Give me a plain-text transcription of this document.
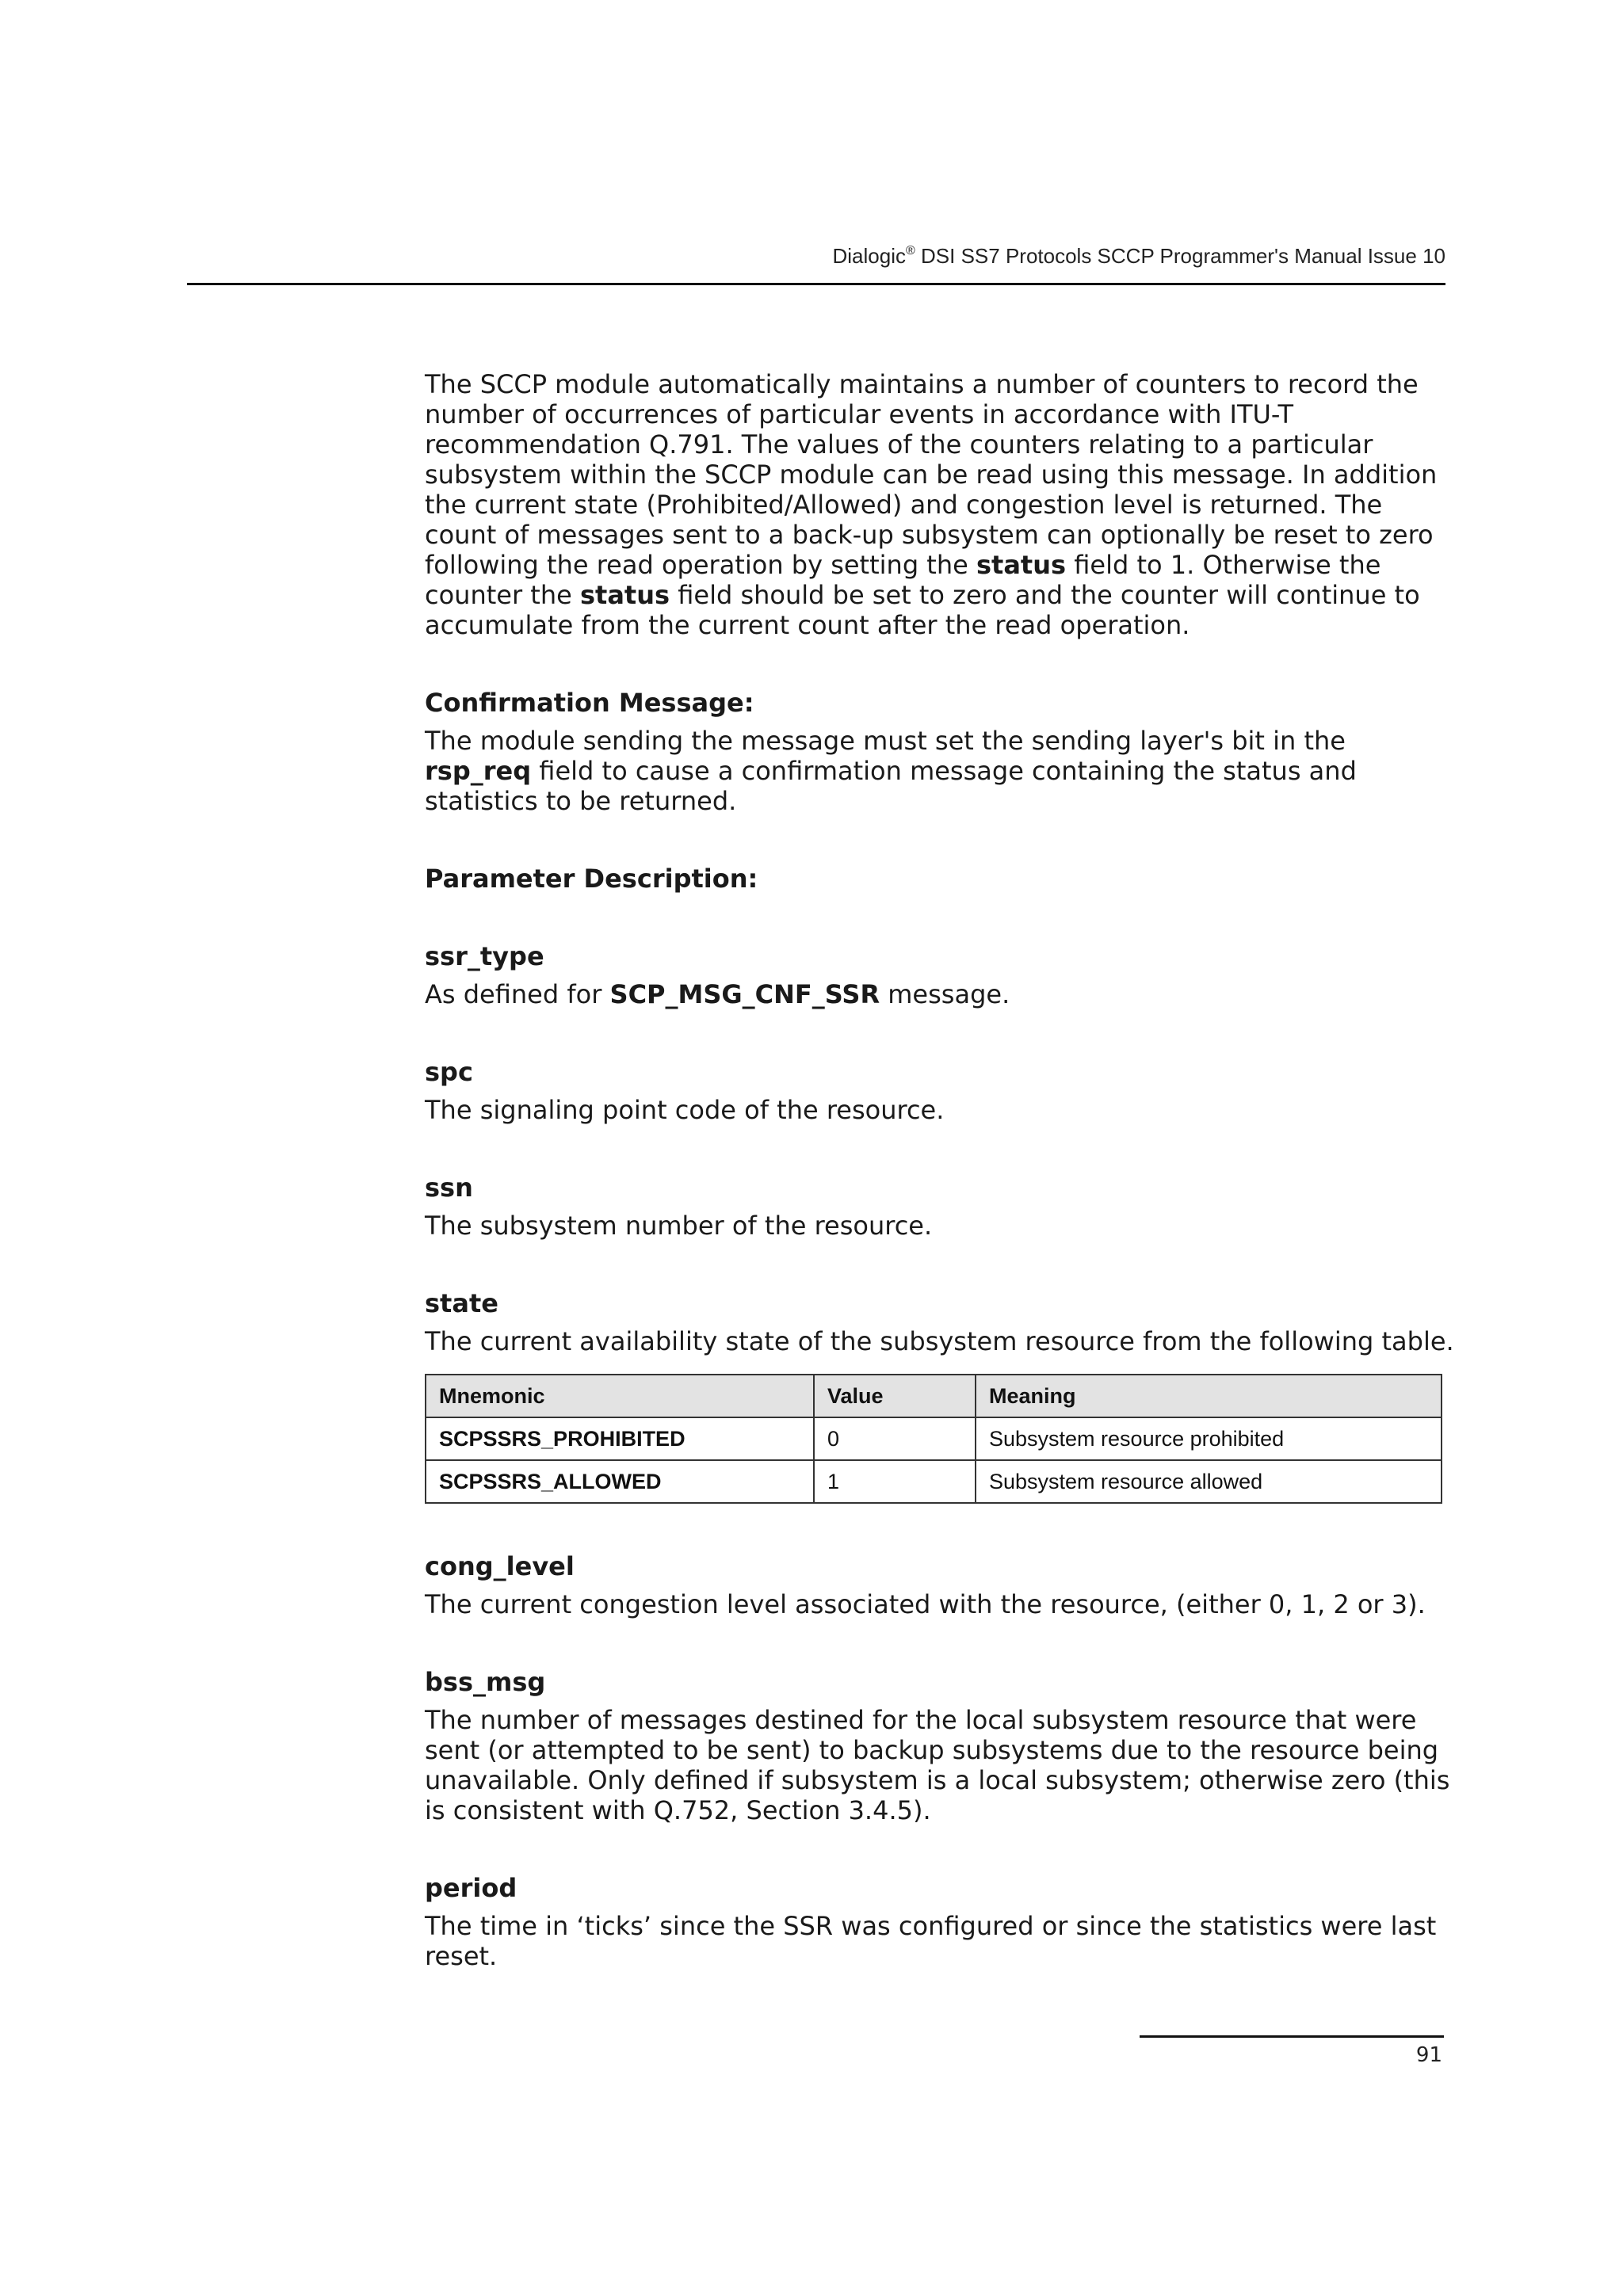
Dialogic® DSI SS7 Protocols SCCP Programmer's Manual Issue 10

The SCCP module automatically maintains a number of counters to record the number of occurrences of particular events in accordance with ITU-T recommendation Q.791. The values of the counters relating to a particular subsystem within the SCCP module can be read using this message. In addition the current state (Prohibited/Allowed) and congestion level is returned. The count of messages sent to a back-up subsystem can optionally be reset to zero following the read operation by setting the status field to 1. Otherwise the counter the status field should be set to zero and the counter will continue to accumulate from the current count after the read operation.

Confirmation Message:

The module sending the message must set the sending layer's bit in the rsp_req field to cause a confirmation message containing the status and statistics to be returned.

Parameter Description:

ssr_type

As defined for SCP_MSG_CNF_SSR message.

spc

The signaling point code of the resource.

ssn

The subsystem number of the resource.

state

The current availability state of the subsystem resource from the following table.

Mnemonic	Value	Meaning
SCPSSRS_PROHIBITED	0	Subsystem resource prohibited
SCPSSRS_ALLOWED	1	Subsystem resource allowed

cong_level

The current congestion level associated with the resource, (either 0, 1, 2 or 3).

bss_msg

The number of messages destined for the local subsystem resource that were sent (or attempted to be sent) to backup subsystems due to the resource being unavailable. Only defined if subsystem is a local subsystem; otherwise zero (this is consistent with Q.752, Section 3.4.5).

period

The time in ‘ticks’ since the SSR was configured or since the statistics were last reset.

91
